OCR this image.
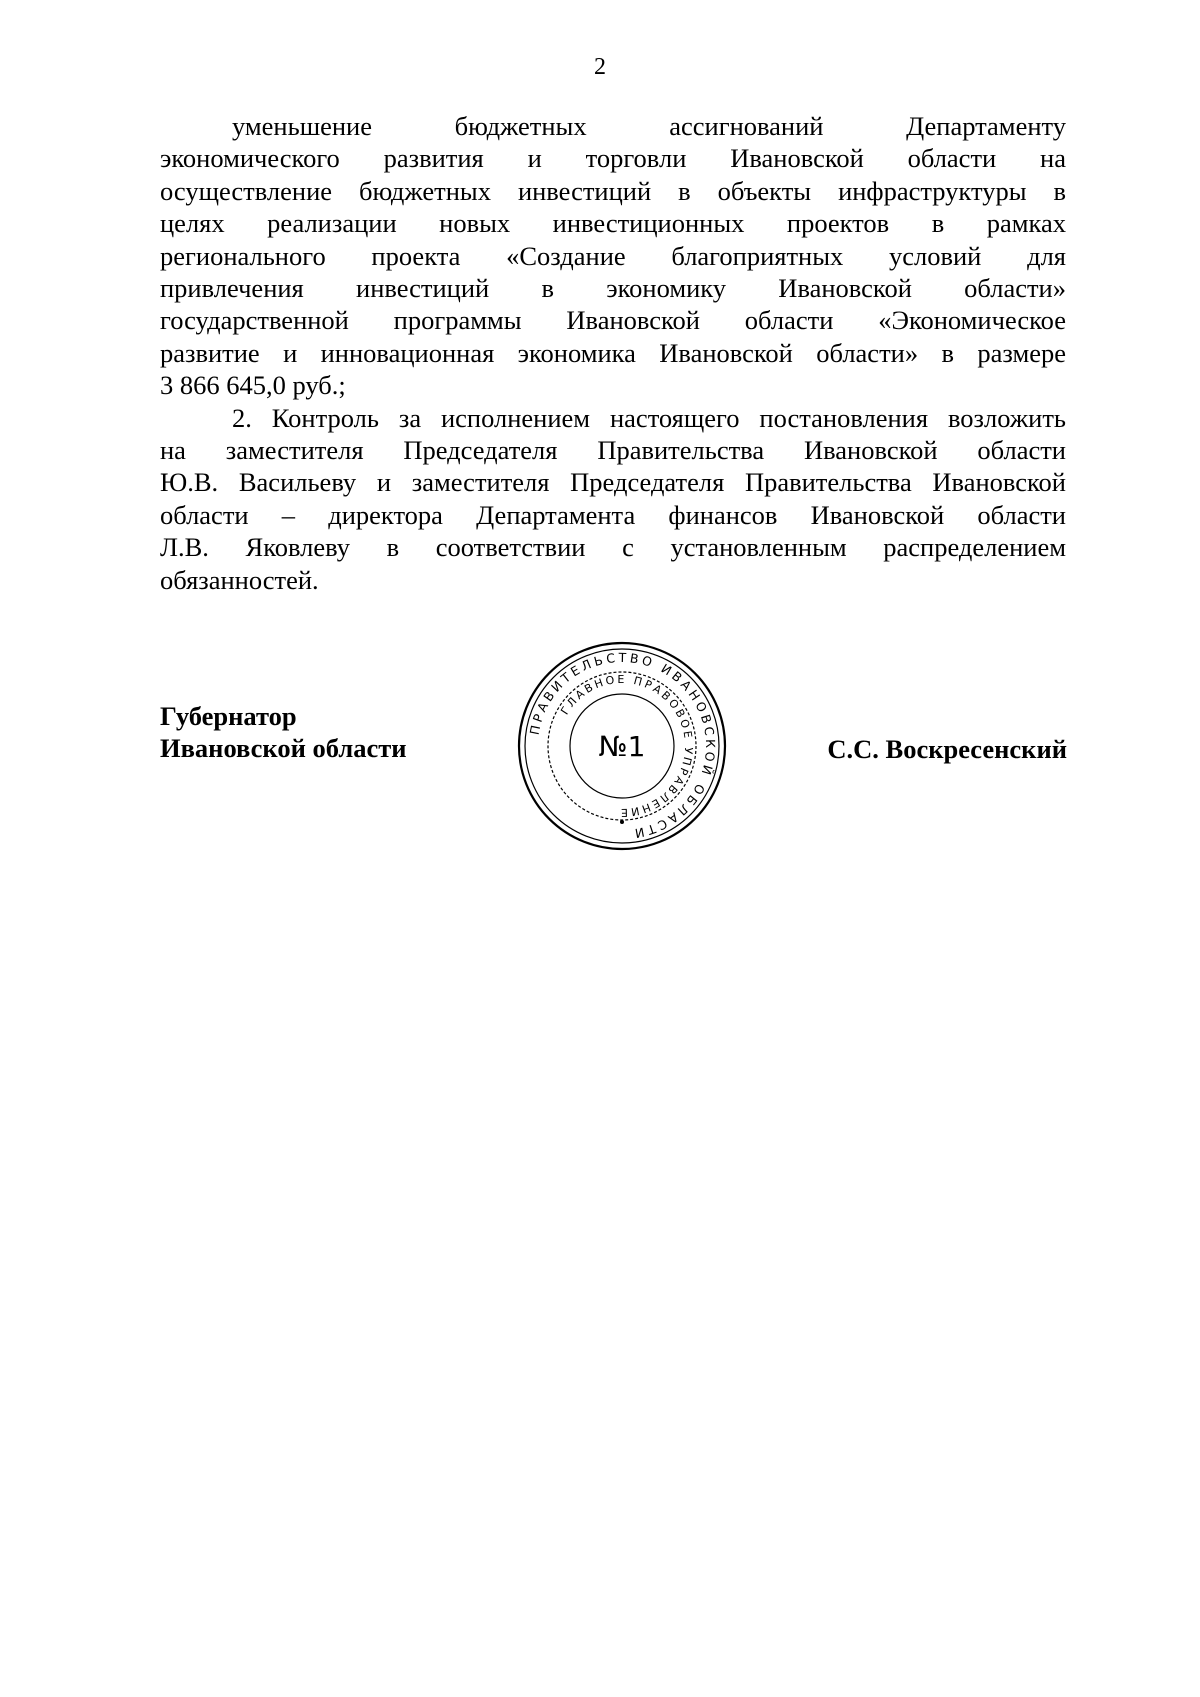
2

уменьшение бюджетных ассигнований Департаменту
экономического развития и торговли Ивановской области на
осуществление бюджетных инвестиций в объекты инфраструктуры в
целях реализации новых инвестиционных проектов в рамках
регионального проекта «Создание благоприятных условий для
привлечения инвестиций в экономику Ивановской области»
государственной программы Ивановской области «Экономическое
развитие и инновационная экономика Ивановской области» в размере
3 866 645,0 руб.;

2. Контроль за исполнением настоящего постановления возложить
на заместителя Председателя Правительства Ивановской области
Ю.В. Васильеву и заместителя Председателя Правительства Ивановской
области – директора Департамента финансов Ивановской области
Л.В. Яковлеву в соответствии с установленным распределением
обязанностей.

Губернатор
Ивановской области	С.С. Воскресенский
ПРАВИТЕЛЬСТВО ИВАНОВСКОЙ ОБЛАСТИ
ГЛАВНОЕ ПРАВОВОЕ УПРАВЛЕНИЕ
№1
